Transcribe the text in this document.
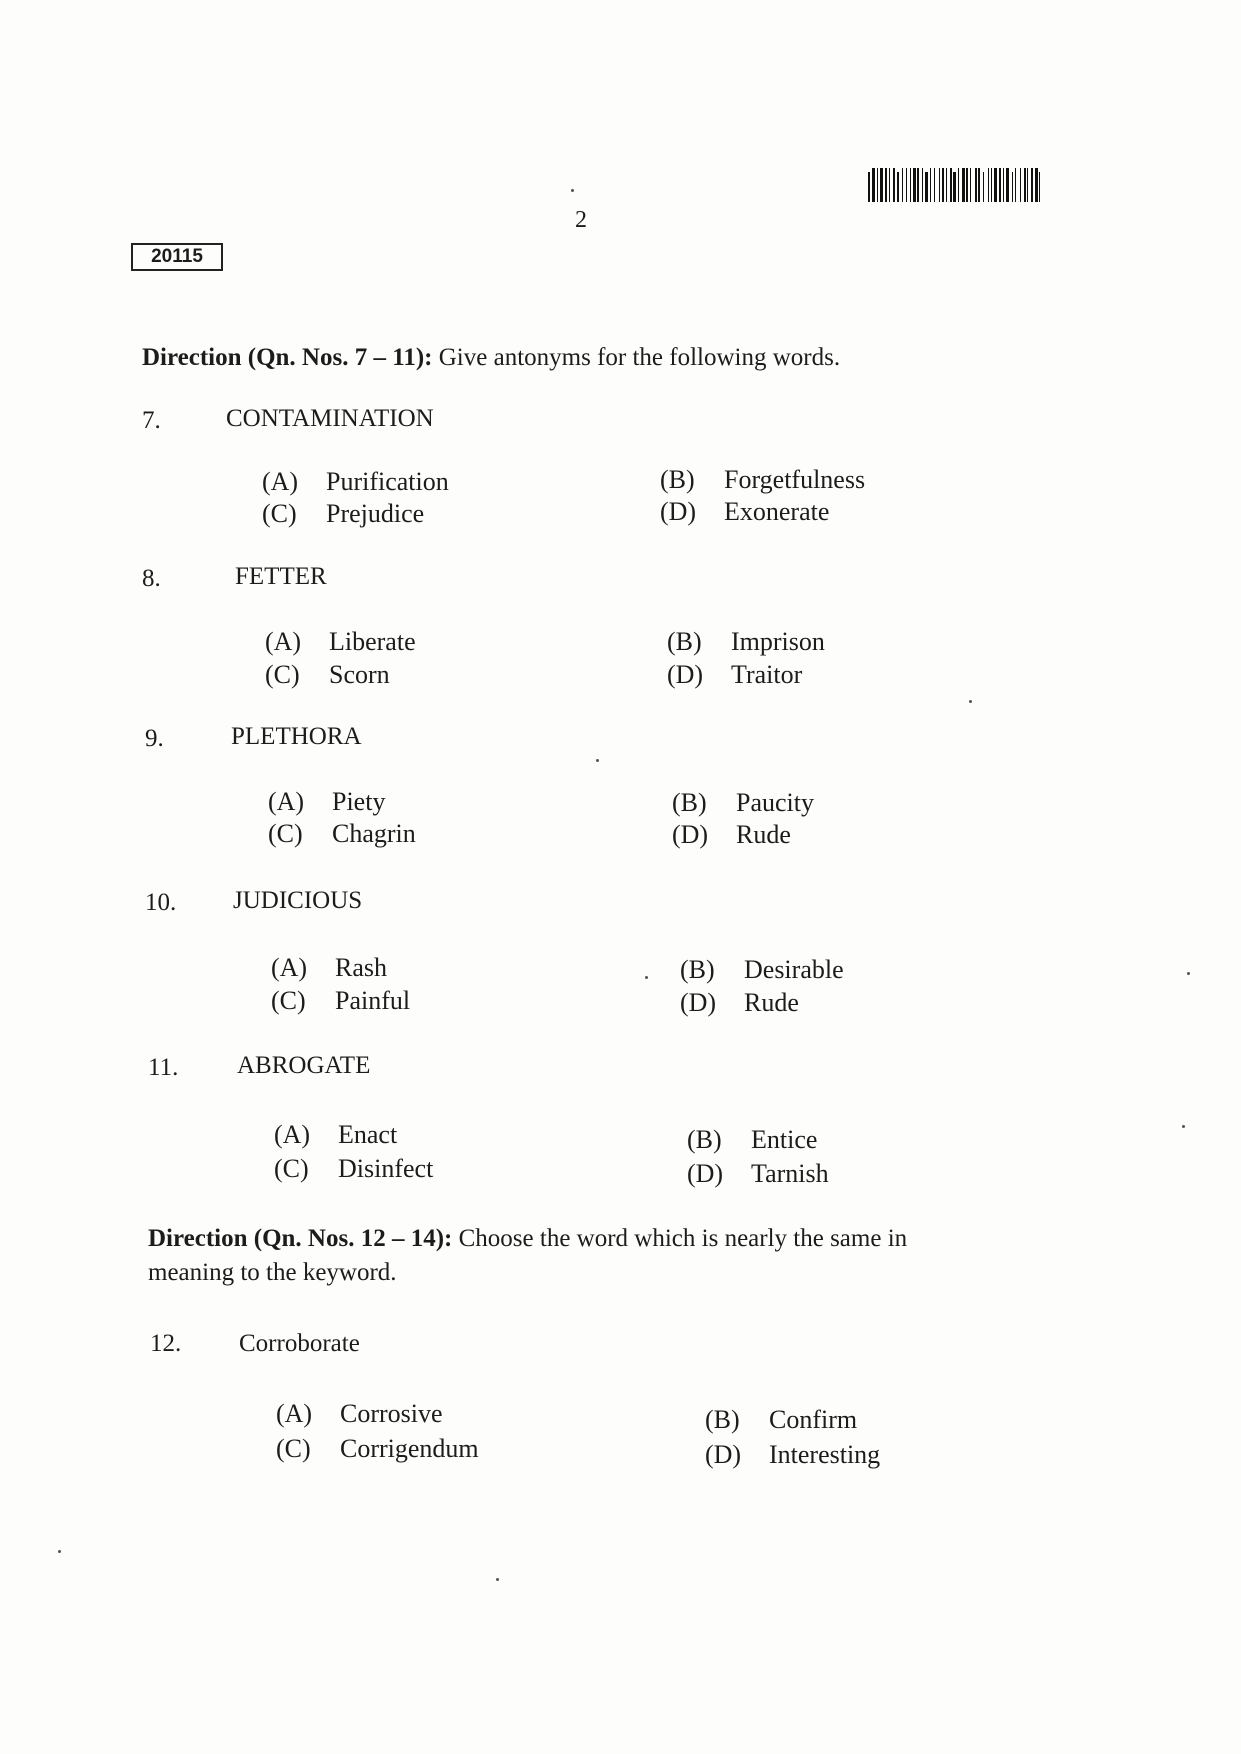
2
20115
Direction (Qn. Nos. 7 – 11): Give antonyms for the following words.
7.	CONTAMINATION
(A) Purification	(B) Forgetfulness
(C) Prejudice	(D) Exonerate
8.	FETTER
(A) Liberate	(B) Imprison
(C) Scorn	(D) Traitor
9.	PLETHORA
(A) Piety	(B) Paucity
(C) Chagrin	(D) Rude
10. JUDICIOUS
(A) Rash	(B) Desirable
(C) Painful	(D) Rude
11. ABROGATE
(A) Enact	(B) Entice
(C) Disinfect	(D) Tarnish
Direction (Qn. Nos. 12 – 14): Choose the word which is nearly the same in
meaning to the keyword.
12. Corroborate
(A) Corrosive	(B) Confirm
(C) Corrigendum	(D) Interesting
